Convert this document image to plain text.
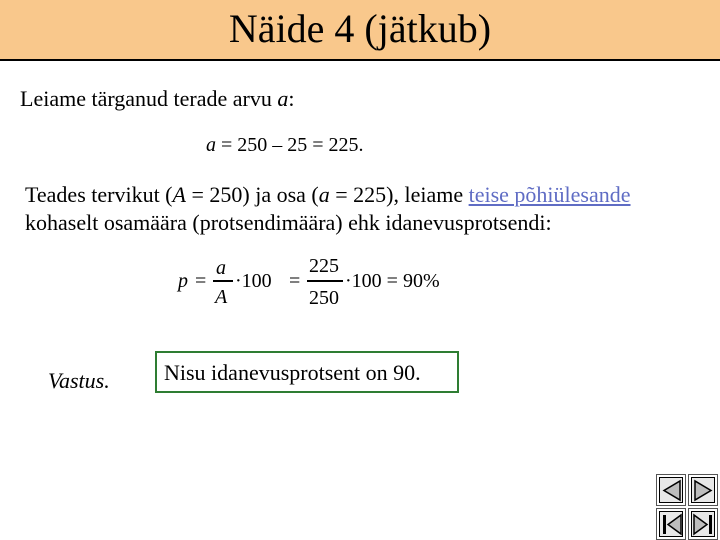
Näide 4 (jätkub)
Leiame tärganud terade arvu a:
a = 250 – 25 = 225.
Teades tervikut (A = 250) ja osa (a = 225), leiame teise põhiülesande
kohaselt osamäära (protsendimäära) ehk idanevusprotsendi:
p =
a
A
·100 =
225
250
·100 = 90%
Vastus. Nisu idanevusprotsent on 90.
